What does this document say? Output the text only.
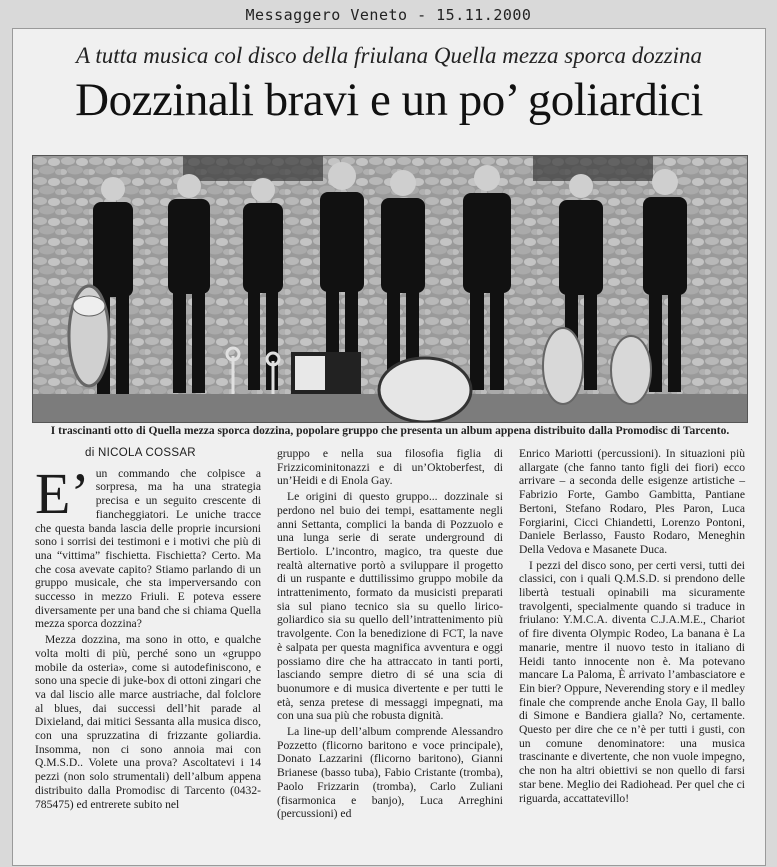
Messaggero Veneto - 15.11.2000
A tutta musica col disco della friulana Quella mezza sporca dozzina
Dozzinali bravi e un po’ goliardici
I trascinanti otto di Quella mezza sporca dozzina, popolare gruppo che presenta un album appena distribuito dalla Promodisc di Tarcento.
di NICOLA COSSAR
E’ un commando che colpisce a sorpresa, ma ha una strategia precisa e un seguito crescente di fiancheggiatori. Le uniche tracce che questa banda lascia delle proprie incursioni sono i sorrisi dei testimoni e i motivi che più di una “vittima” fischietta. Fischietta? Certo. Ma che cosa avevate capito? Stiamo parlando di un gruppo musicale, che sta imperversando con successo in mezzo Friuli. E poteva essere diversamente per una band che si chiama Quella mezza sporca dozzina?

Mezza dozzina, ma sono in otto, e qualche volta molti di più, perché sono un «gruppo mobile da osteria», come si autodefiniscono, e sono una specie di juke-box di ottoni zingari che va dal liscio alle marce austriache, dal folclore al blues, dai successi dell’hit parade al Dixieland, dai mitici Sessanta alla musica disco, con una spruzzatina di frizzante goliardia. Insomma, non ci sono annoia mai con Q.M.S.D.. Volete una prova? Ascoltatevi i 14 pezzi (non solo strumentali) dell’album appena distribuito dalla Promodisc di Tarcento (0432-785475) ed entrerete subito nel

gruppo e nella sua filosofia figlia di Frizzicominitonazzi e di un’Oktoberfest, di un’Heidi e di Enola Gay.

Le origini di questo gruppo... dozzinale si perdono nel buio dei tempi, esattamente negli anni Settanta, complici la banda di Pozzuolo e una lunga serie di serate underground di Bertiolo. L’incontro, magico, tra queste due realtà alternative portò a sviluppare il progetto di un ruspante e duttilissimo gruppo mobile da intrattenimento, formato da musicisti preparati sia sul piano tecnico sia su quello lirico-goliardico sia su quello dell’intrattenimento più travolgente. Con la benedizione di FCT, la nave è salpata per questa magnifica avventura e oggi possiamo dire che ha attraccato in tanti porti, lasciando sempre dietro di sé una scia di buonumore e di musica divertente e per tutti le età, senza pretese di messaggi impegnati, ma con una sua più che robusta dignità.

La line-up dell’album comprende Alessandro Pozzetto (flicorno baritono e voce principale), Donato Lazzarini (flicorno baritono), Gianni Brianese (basso tuba), Fabio Cristante (tromba), Paolo Frizzarin (tromba), Carlo Zuliani (fisarmonica e banjo), Luca Arreghini (percussioni) ed

Enrico Mariotti (percussioni). In situazioni più allargate (che fanno tanto figli dei fiori) ecco arrivare – a seconda delle esigenze artistiche – Fabrizio Forte, Gambo Gambitta, Pantiane Bertoni, Stefano Rodaro, Ples Paron, Luca Forgiarini, Cicci Chiandetti, Lorenzo Pontoni, Daniele Berlasso, Fausto Rodaro, Meneghin Della Vedova e Masanete Duca.

I pezzi del disco sono, per certi versi, tutti dei classici, con i quali Q.M.S.D. si prendono delle libertà testuali opinabili ma sicuramente travolgenti, specialmente quando si traduce in friulano: Y.M.C.A. diventa C.J.A.M.E., Chariot of fire diventa Olympic Rodeo, La banana è La manarie, mentre il nuovo testo in italiano di Heidi tanto innocente non è. Ma potevano mancare La Paloma, È arrivato l’ambasciatore e Ein bier? Oppure, Neverending story e il medley finale che comprende anche Enola Gay, Il ballo di Simone e Bandiera gialla? No, certamente. Questo per dire che ce n’è per tutti i gusti, con un comune denominatore: una musica trascinante e divertente, che non vuole impegno, che non ha altri obiettivi se non quello di farsi star bene. Meglio dei Radiohead. Per quel che ci riguarda, accattatevillo!
